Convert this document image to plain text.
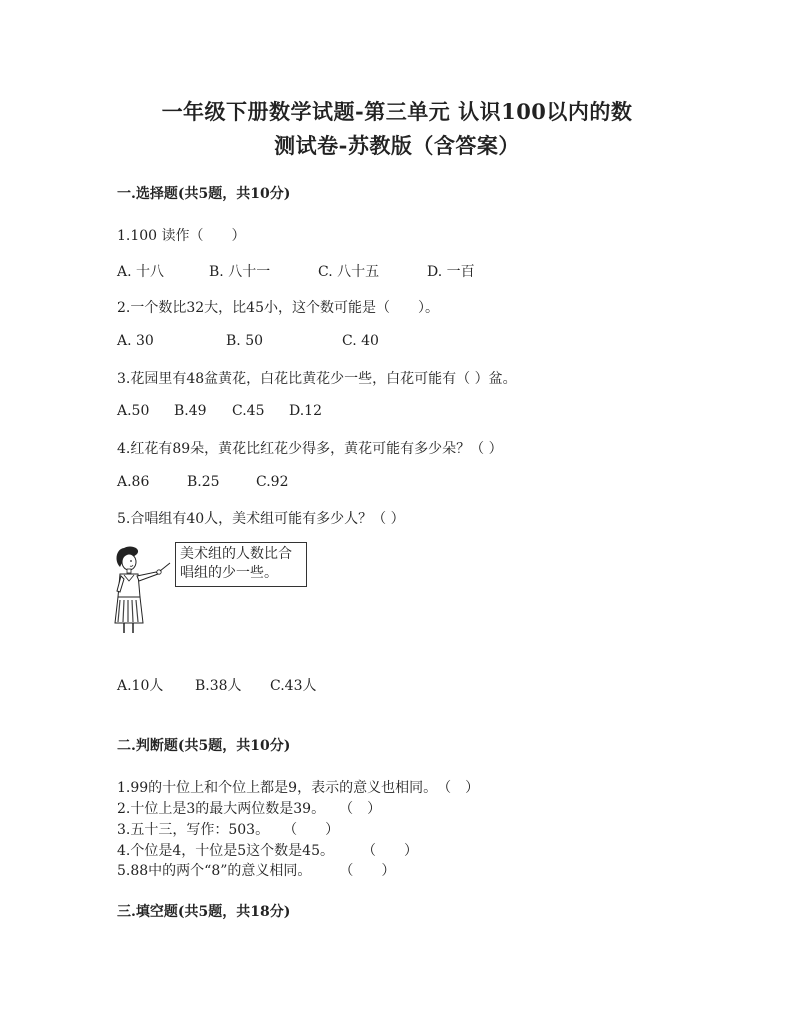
一年级下册数学试题-第三单元 认识100以内的数
测试卷-苏教版（含答案）
一.选择题(共5题，共10分)
1.100 读作（　　）
A. 十八	B. 八十一	C. 八十五	D. 一百
2.一个数比32大，比45小，这个数可能是（　　）。
A. 30	B. 50	C. 40
3.花园里有48盆黄花，白花比黄花少一些，白花可能有（ ）盆。
A.50 B.49 C.45 D.12
4.红花有89朵，黄花比红花少得多，黄花可能有多少朵？（ ）
A.86	B.25	C.92
5.合唱组有40人，美术组可能有多少人？（ ）
美术组的人数比合唱组的少一些。
A.10人 B.38人 C.43人
二.判断题(共5题，共10分)
1.99的十位上和个位上都是9，表示的意义也相同。　（　）
2.十位上是3的最大两位数是39。　　（　）
3.五十三，写作：503。　　（　　）
4.个位是4，十位是5这个数是45。　　　（　　）
5.88中的两个“8”的意义相同。　　　（　　）
三.填空题(共5题，共18分)
